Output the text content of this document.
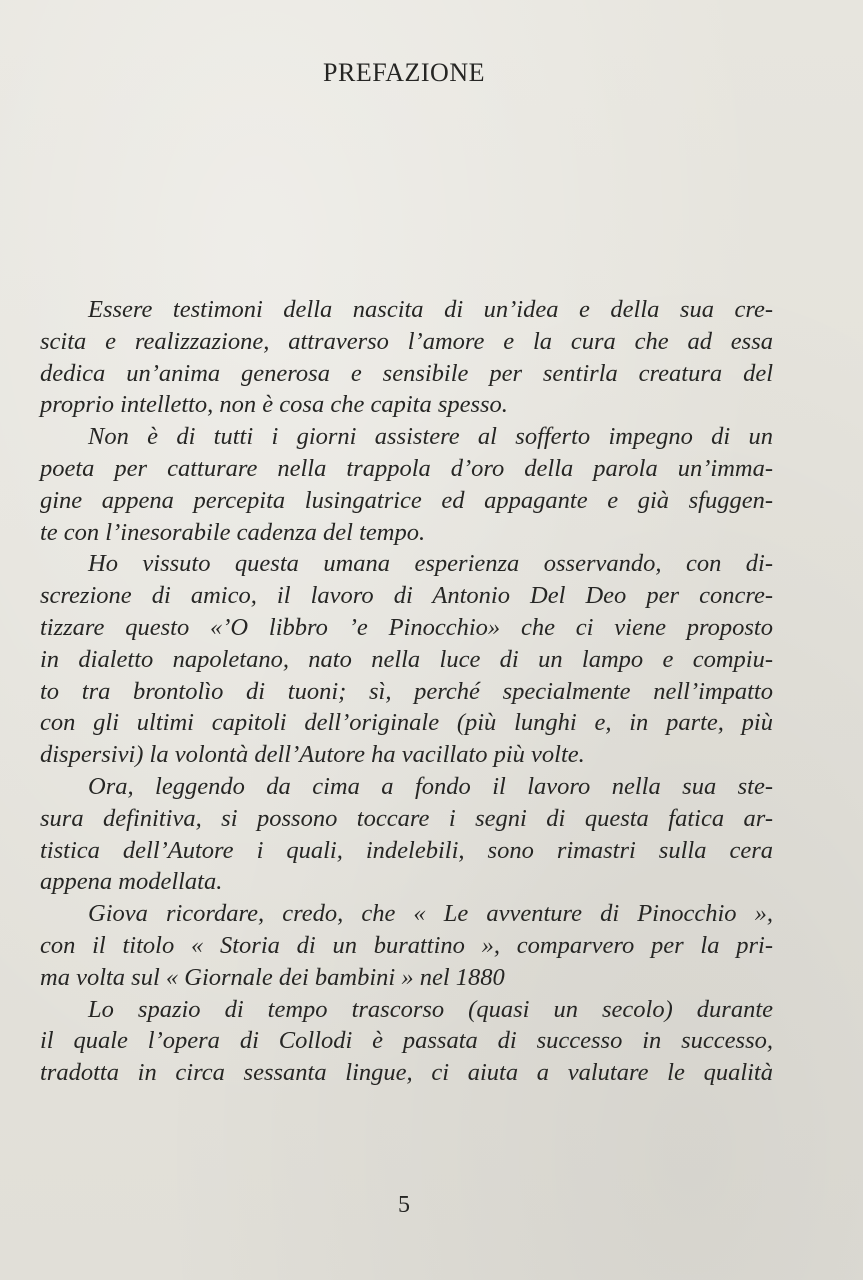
PREFAZIONE
Essere testimoni della nascita di un’idea e della sua cre-
scita e realizzazione, attraverso l’amore e la cura che ad essa
dedica un’anima generosa e sensibile per sentirla creatura del
proprio intelletto, non è cosa che capita spesso.
Non è di tutti i giorni assistere al sofferto impegno di un
poeta per catturare nella trappola d’oro della parola un’imma-
gine appena percepita lusingatrice ed appagante e già sfuggen-
te con l’inesorabile cadenza del tempo.
Ho vissuto questa umana esperienza osservando, con di-
screzione di amico, il lavoro di Antonio Del Deo per concre-
tizzare questo «’O libbro ’e Pinocchio» che ci viene proposto
in dialetto napoletano, nato nella luce di un lampo e compiu-
to tra brontolìo di tuoni; sì, perché specialmente nell’impatto
con gli ultimi capitoli dell’originale (più lunghi e, in parte, più
dispersivi) la volontà dell’Autore ha vacillato più volte.
Ora, leggendo da cima a fondo il lavoro nella sua ste-
sura definitiva, si possono toccare i segni di questa fatica ar-
tistica dell’Autore i quali, indelebili, sono rimastri sulla cera
appena modellata.
Giova ricordare, credo, che « Le avventure di Pinocchio »,
con il titolo « Storia di un burattino », comparvero per la pri-
ma volta sul « Giornale dei bambini » nel 1880
Lo spazio di tempo trascorso (quasi un secolo) durante
il quale l’opera di Collodi è passata di successo in successo,
tradotta in circa sessanta lingue, ci aiuta a valutare le qualità
5
